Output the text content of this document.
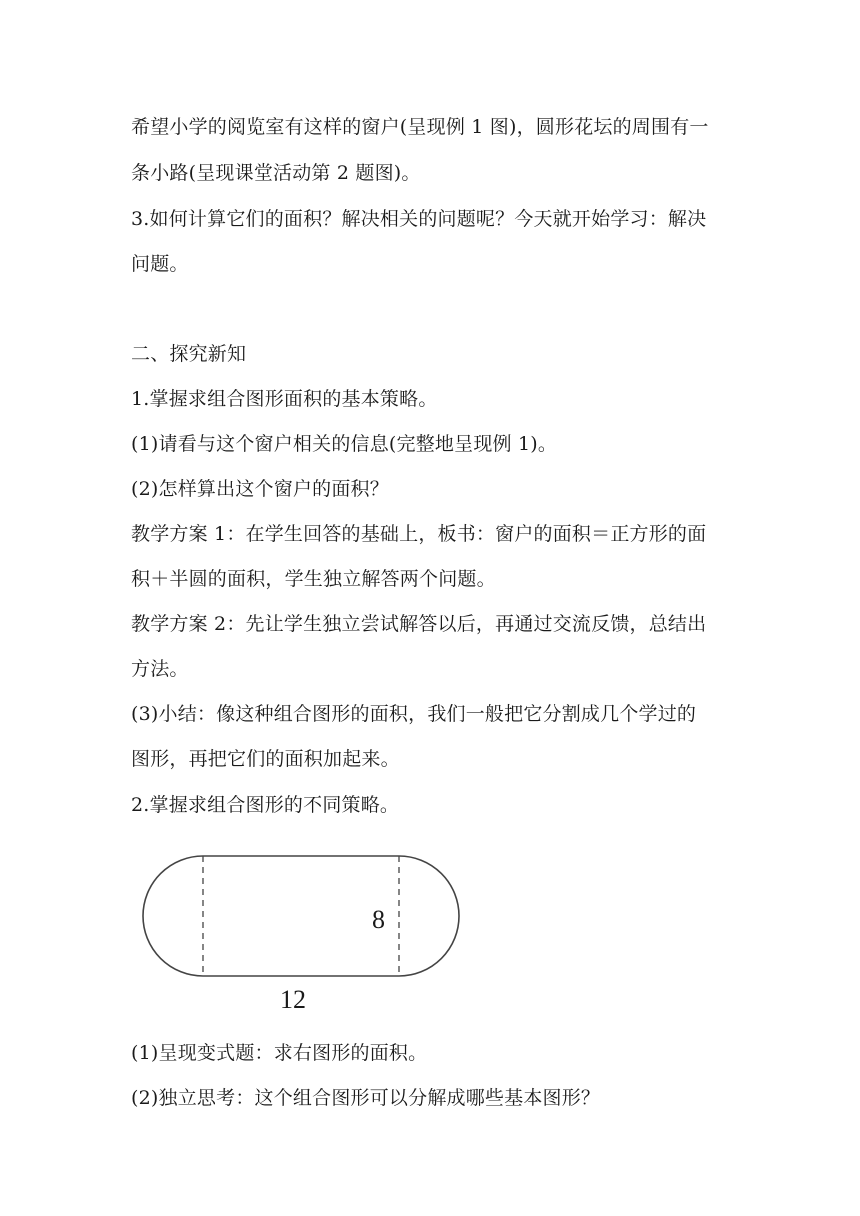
希望小学的阅览室有这样的窗户(呈现例 1 图)，圆形花坛的周围有一
条小路(呈现课堂活动第 2 题图)。
3.如何计算它们的面积？解决相关的问题呢？今天就开始学习：解决
问题。
二、探究新知
1.掌握求组合图形面积的基本策略。
(1)请看与这个窗户相关的信息(完整地呈现例 1)。
(2)怎样算出这个窗户的面积？
教学方案 1：在学生回答的基础上，板书：窗户的面积＝正方形的面
积＋半圆的面积，学生独立解答两个问题。
教学方案 2：先让学生独立尝试解答以后，再通过交流反馈，总结出
方法。
(3)小结：像这种组合图形的面积，我们一般把它分割成几个学过的
图形，再把它们的面积加起来。
2.掌握求组合图形的不同策略。
8
12
(1)呈现变式题：求右图形的面积。
(2)独立思考：这个组合图形可以分解成哪些基本图形？
